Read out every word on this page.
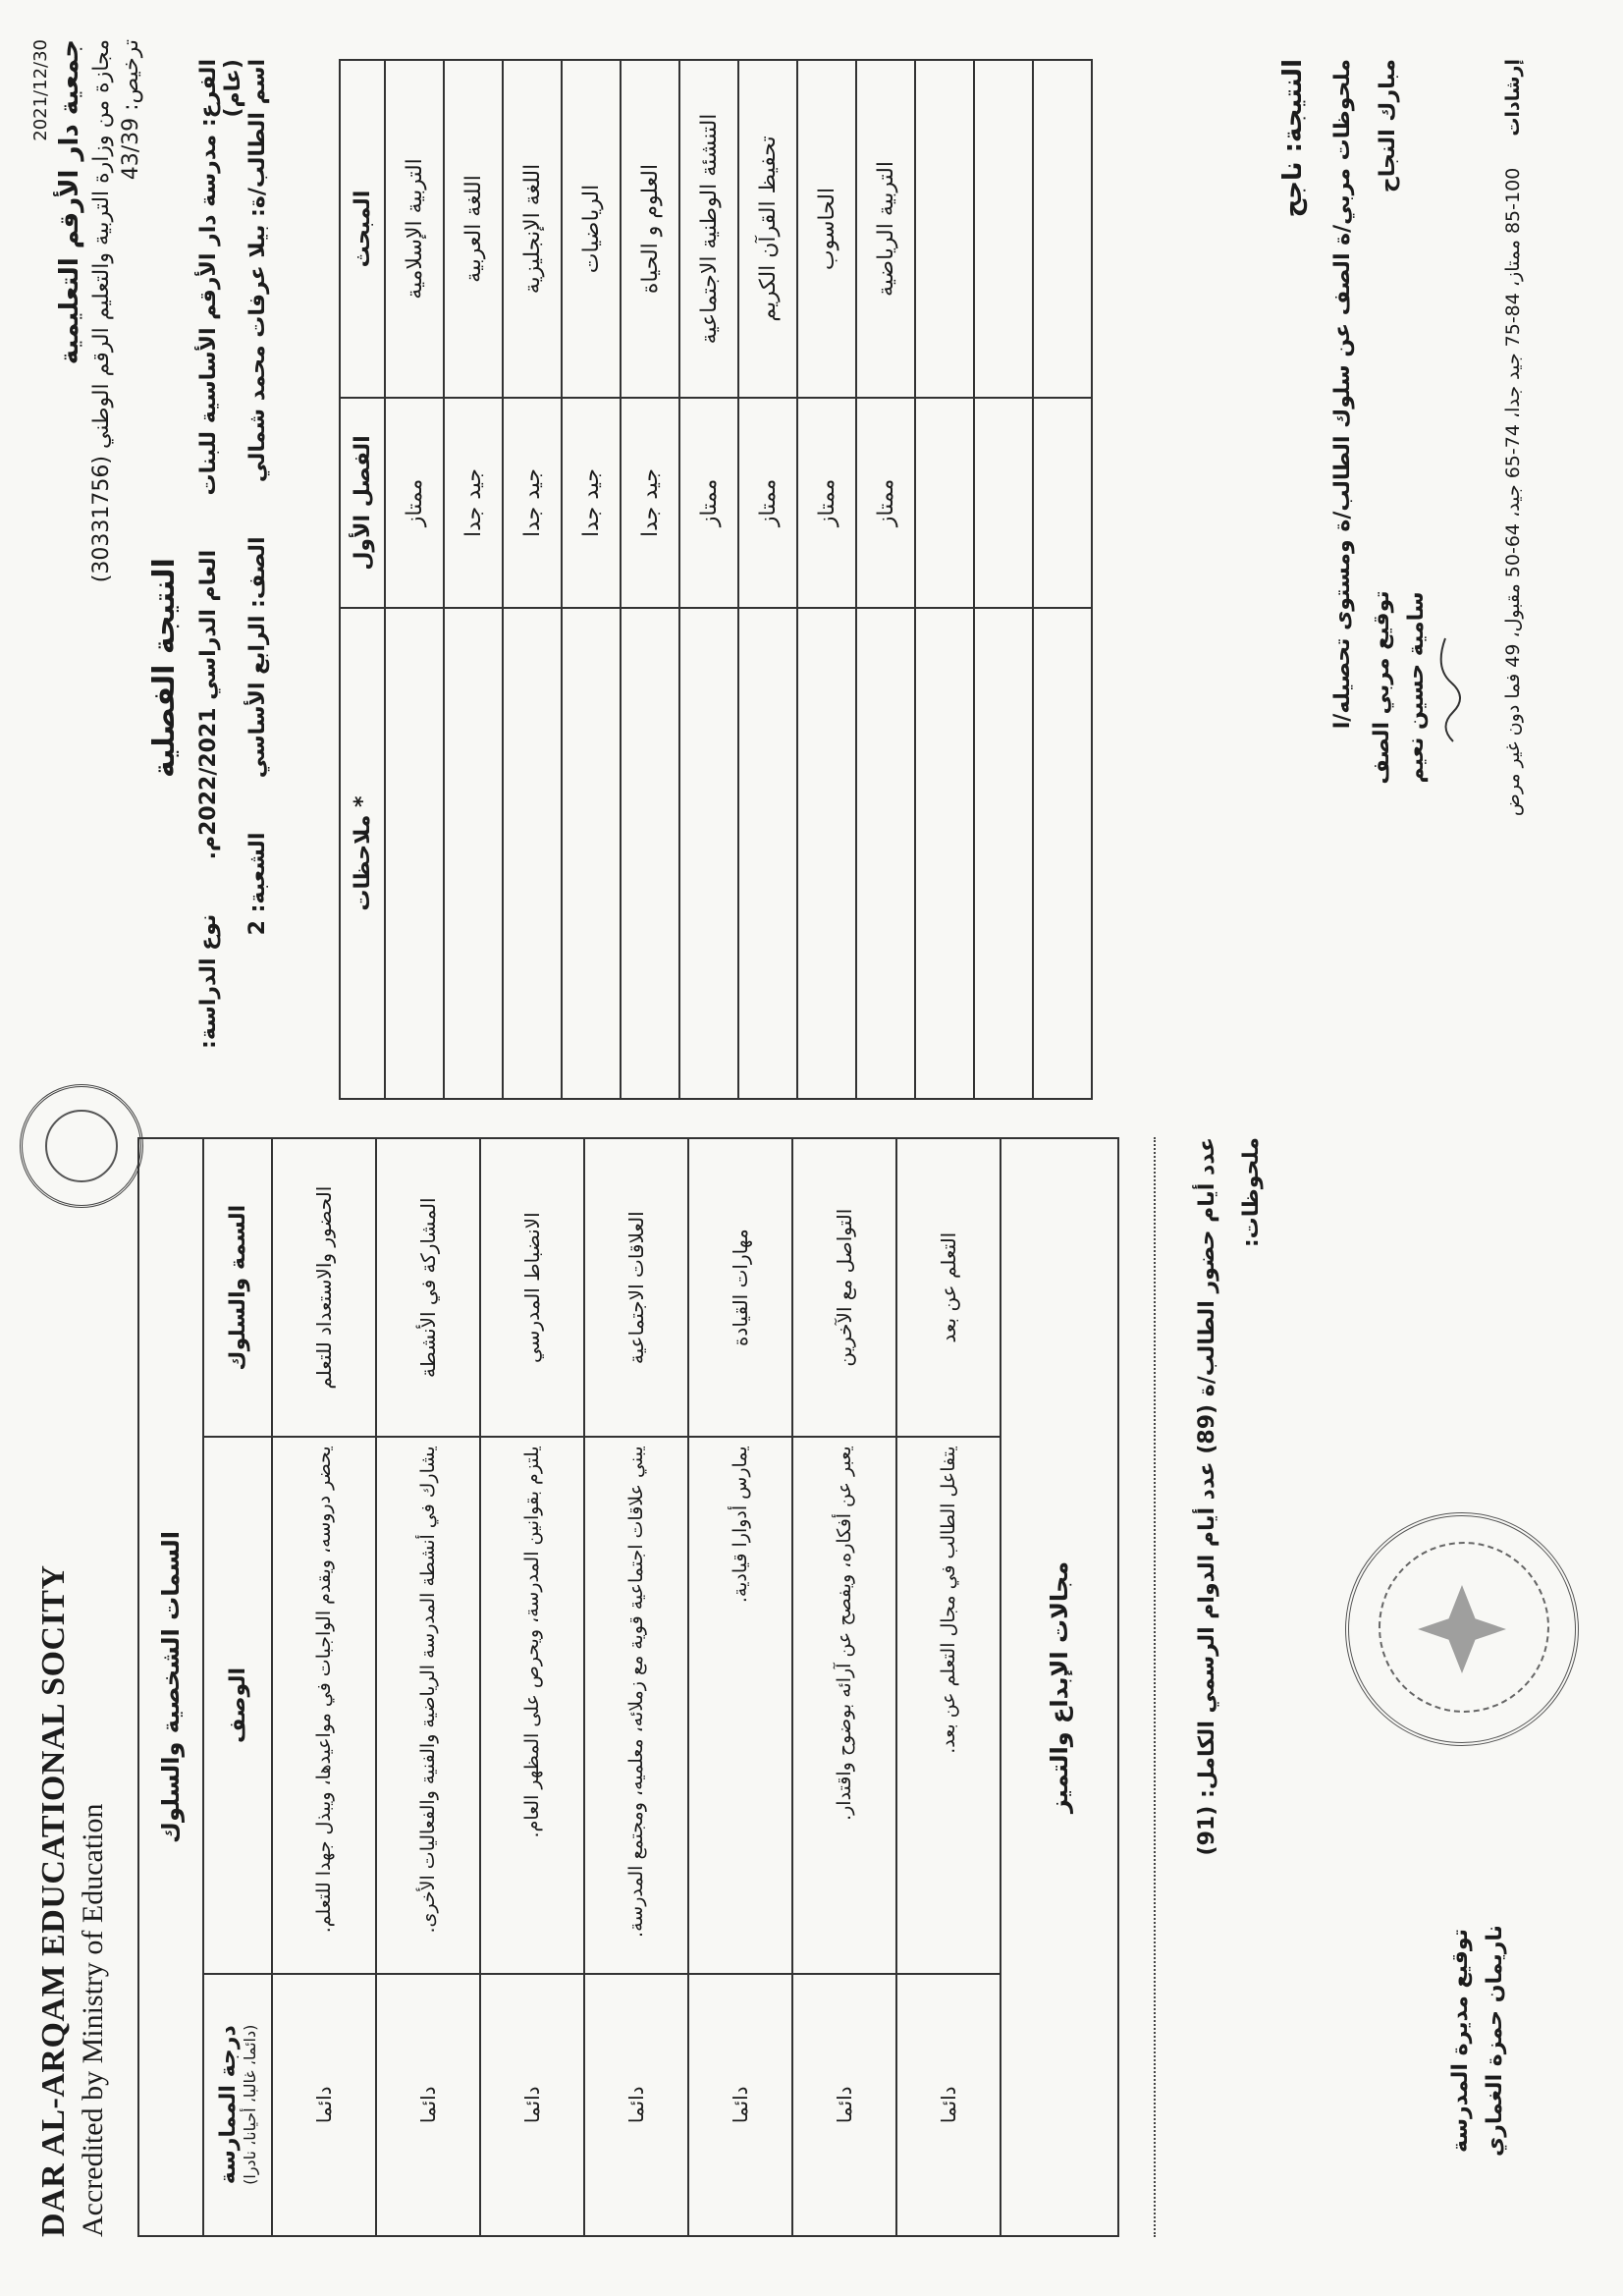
2021/12/30 جمعية دار الأرقم التعليمية
مجازة من وزارة التربية والتعليم الرقم الوطني (30331756) ترخيص: 43/39
DAR AL-ARQAM EDUCATIONAL SOCITY Accredited by Ministry of Education
النتيجة الفصلية
الفرع: مدرسة دار الأرقم الأساسية للبنات  العام الدراسي 2022/2021م.  نوع الدراسة: (عام) اسم الطالب/ة: بيلا عرفات محمد شمالي  الصف: الرابع الأساسي  الشعبة: 2
المبحث	الفصل الأول	* ملاحظات
التربية الإسلامية	ممتاز	
اللغة العربية	جيد جدا	
اللغة الإنجليزية	جيد جدا	
الرياضيات	جيد جدا	
العلوم و الحياة	جيد جدا	
التنشئة الوطنية الاجتماعية	ممتاز	
تحفيظ القرآن الكريم	ممتاز	
الحاسوب	ممتاز	
التربية الرياضية	ممتاز	

النتيجة: ناجح	ملحوظات مربي/ة الصف عن سلوك الطالب/ة ومستوى تحصيله/ا مبارك النجاح
توقيع مربي الصف سامية حسين نعيم
إرشادات  100-85 ممتاز، 84-75 جيد جدا، 74-65 جيد، 64-50 مقبول، 49 فما دون غير مرض
السمات الشخصية والسلوك		
السمة والسلوك	الوصف	درجة الممارسة (دائما، غالبا، أحيانا، نادرا)

الحضور والاستعداد للتعلم	يحضر دروسه، ويقدم الواجبات في مواعيدها، ويبذل جهدا للتعلم.	دائما
المشاركة في الأنشطة	يشارك في أنشطة المدرسة الرياضية والفنية والفعاليات الأخرى.	دائما
الانضباط المدرسي	يلتزم بقوانين المدرسة، ويحرص على المظهر العام.	دائما
العلاقات الاجتماعية	يبني علاقات اجتماعية قوية مع زملائه، معلميه، ومجتمع المدرسة.	دائما
مهارات القيادة	يمارس أدوارا قيادية.	دائما
التواصل مع الآخرين	يعبر عن أفكاره، ويفصح عن آرائه بوضوح واقتدار.	دائما
التعلم عن بعد	يتفاعل الطالب في مجال التعلم عن بعد.	دائما
مجالات الإبداع والتميز		
عدد أيام حضور الطالب/ة (89) عدد أيام الدوام الرسمي الكامل: (91) ملحوظات:
توقيع مديرة المدرسة ناريمان حمزة الغماري
